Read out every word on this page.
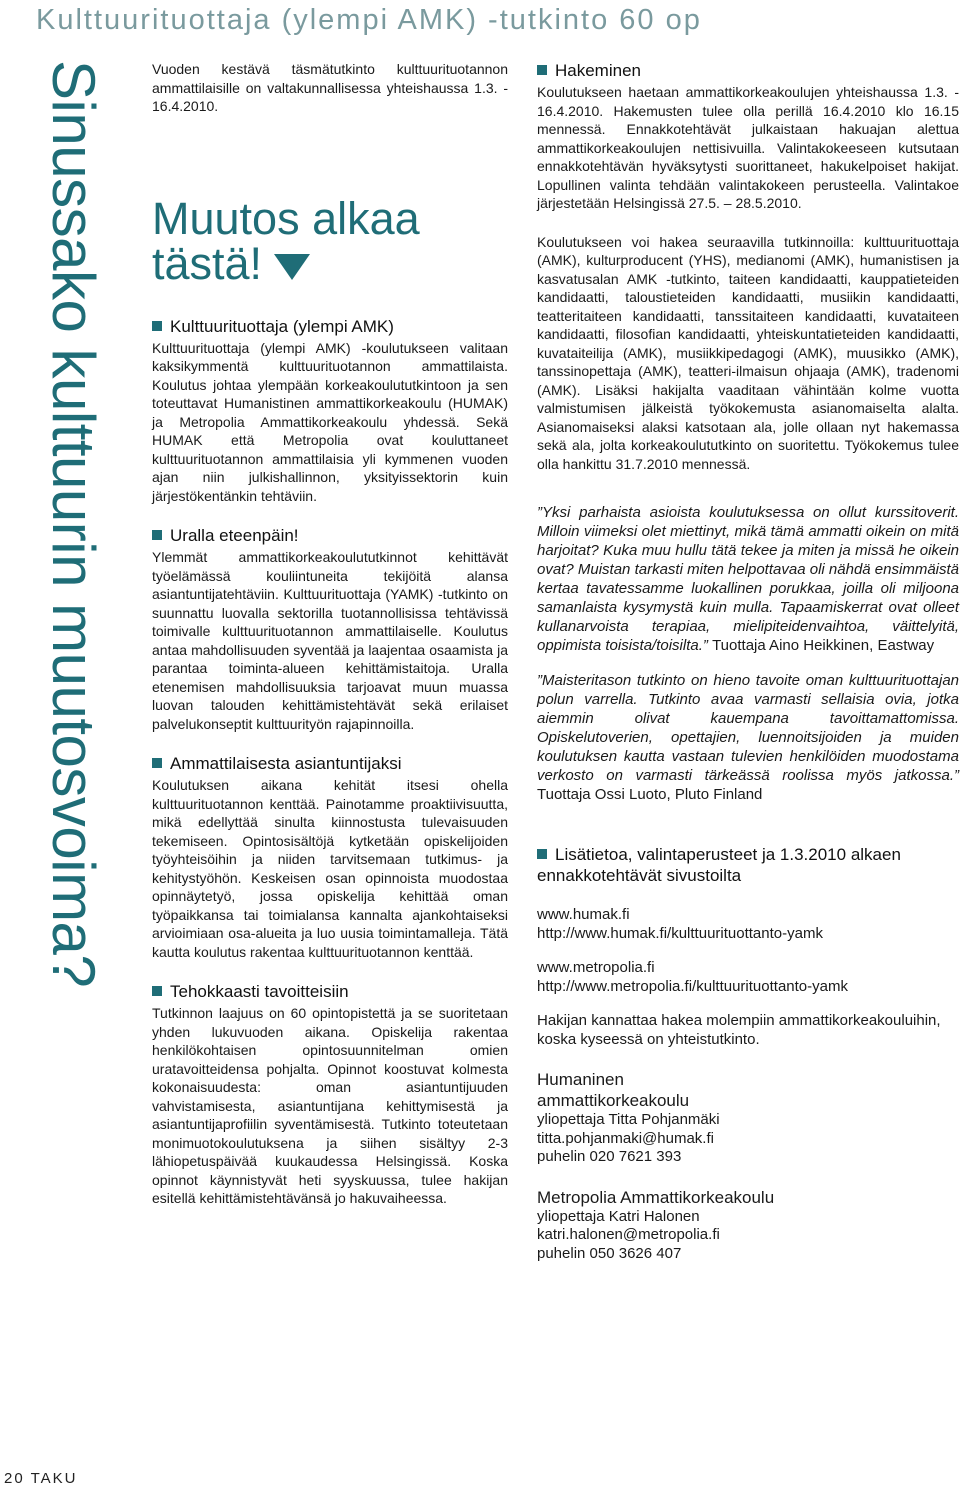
Kulttuurituottaja (ylempi AMK) -tutkinto 60 op
Sinussako kulttuurin muutosvoima?	Vuoden kestävä täsmätutkinto kulttuurituotannon ammattilaisille on valtakunnallisessa yhteishaussa 1.3. - 16.4.2010.

Muutos alkaa
tästä!
Kulttuurituottaja (ylempi AMK)

Kulttuurituottaja (ylempi AMK) -koulutukseen valitaan kaksikymmentä kulttuurituotannon ammattilaista. Koulutus johtaa ylempään korkeakoulututkintoon ja sen toteuttavat Humanistinen ammattikorkeakoulu (HUMAK) ja Metropolia Ammattikorkeakoulu yhdessä. Sekä HUMAK että Metropolia ovat kouluttaneet kulttuurituotannon ammattilaisia yli kymmenen vuoden ajan niin julkishallinnon, yksityissektorin kuin järjestökentänkin tehtäviin.

Uralla eteenpäin!

Ylemmät ammattikorkeakoulututkinnot kehittävät työelämässä kouliintuneita tekijöitä alansa asiantuntijatehtäviin. Kulttuurituottaja (YAMK) -tutkinto on suunnattu luovalla sektorilla tuotannollisissa tehtävissä toimivalle kulttuurituotannon ammattilaiselle. Koulutus antaa mahdollisuuden syventää ja laajentaa osaamista ja parantaa toiminta-alueen kehittämistaitoja. Uralla etenemisen mahdollisuuksia tarjoavat muun muassa luovan talouden kehittämistehtävät sekä erilaiset palvelukonseptit kulttuurityön rajapinnoilla.

Ammattilaisesta asiantuntijaksi

Koulutuksen aikana kehität itsesi ohella kulttuurituotannon kenttää. Painotamme proaktiivisuutta, mikä edellyttää sinulta kiinnostusta tulevaisuuden tekemiseen. Opintosisältöjä kytketään opiskelijoiden työyhteisöihin ja niiden tarvitsemaan tutkimus- ja kehitystyöhön. Keskeisen osan opinnoista muodostaa opinnäytetyö, jossa opiskelija kehittää oman työpaikkansa tai toimialansa kannalta ajankohtaiseksi arvioimiaan osa-alueita ja luo uusia toimintamalleja. Tätä kautta koulutus rakentaa kulttuurituotannon kenttää.

Tehokkaasti tavoitteisiin

Tutkinnon laajuus on 60 opintopistettä ja se suoritetaan yhden lukuvuoden aikana. Opiskelija rakentaa henkilökohtaisen opintosuunnitelman omien uratavoitteidensa pohjalta. Opinnot koostuvat kolmesta kokonaisuudesta: oman asiantuntijuuden vahvistamisesta, asiantuntijana kehittymisestä ja asiantuntijaprofiilin syventämisestä. Tutkinto toteutetaan monimuotokoulutuksena ja siihen sisältyy 2-3 lähiopetuspäivää kuukaudessa Helsingissä. Koska opinnot käynnistyvät heti syyskuussa, tulee hakijan esitellä kehittämistehtävänsä jo hakuvaiheessa.

Hakeminen

Koulutukseen haetaan ammattikorkeakoulujen yhteishaussa 1.3. - 16.4.2010. Hakemusten tulee olla perillä 16.4.2010 klo 16.15 mennessä. Ennakkotehtävät julkaistaan hakuajan alettua ammattikorkeakoulujen nettisivuilla. Valintakokeeseen kutsutaan ennakkotehtävän hyväksytysti suorittaneet, hakukelpoiset hakijat. Lopullinen valinta tehdään valintakokeen perusteella. Valintakoe järjestetään Helsingissä 27.5. – 28.5.2010.

Koulutukseen voi hakea seuraavilla tutkinnoilla: kulttuurituottaja (AMK), kulturproducent (YHS), medianomi (AMK), humanistisen ja kasvatusalan AMK -tutkinto, taiteen kandidaatti, kauppatieteiden kandidaatti, taloustieteiden kandidaatti, musiikin kandidaatti, teatteritaiteen kandidaatti, tanssitaiteen kandidaatti, kuvataiteen kandidaatti, filosofian kandidaatti, yhteiskuntatieteiden kandidaatti, kuvataiteilija (AMK), musiikkipedagogi (AMK), muusikko (AMK), tanssinopettaja (AMK), teatteri-ilmaisun ohjaaja (AMK), tradenomi (AMK). Lisäksi hakijalta vaaditaan vähintään kolme vuotta valmistumisen jälkeistä työkokemusta asianomaiselta alalta. Asianomaiseksi alaksi katsotaan ala, jolle ollaan nyt hakemassa sekä ala, jolta korkeakoulututkinto on suoritettu. Työkokemus tulee olla hankittu 31.7.2010 mennessä.

”Yksi parhaista asioista koulutuksessa on ollut kurssitoverit. Milloin viimeksi olet miettinyt, mikä tämä ammatti oikein on mitä harjoitat? Kuka muu hullu tätä tekee ja miten ja missä he oikein ovat? Muistan tarkasti miten helpottavaa oli nähdä ensimmäistä kertaa tavatessamme luokallinen porukkaa, joilla oli miljoona samanlaista kysymystä kuin mulla. Tapaamiskerrat ovat olleet kullanarvoista terapiaa, mielipiteidenvaihtoa, väittelyitä, oppimista toisista/toisilta.” Tuottaja Aino Heikkinen, Eastway

”Maisteritason tutkinto on hieno tavoite oman kulttuurituottajan polun varrella. Tutkinto avaa varmasti sellaisia ovia, jotka aiemmin olivat kauempana tavoittamattomissa. Opiskelutoverien, opettajien, luennoitsijoiden ja muiden koulutuksen kautta vastaan tulevien henkilöiden muodostama verkosto on varmasti tärkeässä roolissa myös jatkossa.” Tuottaja Ossi Luoto, Pluto Finland

Lisätietoa, valintaperusteet ja 1.3.2010 alkaen ennakkotehtävät sivustoilta

www.humak.fi

http://www.humak.fi/kulttuurituottanto-yamk

www.metropolia.fi

http://www.metropolia.fi/kulttuurituottanto-yamk

Hakijan kannattaa hakea molempiin ammattikorkeakouluihin, koska kyseessä on yhteistutkinto.

Humaninen
ammattikorkeakoulu

yliopettaja Titta Pohjanmäki

titta.pohjanmaki@humak.fi

puhelin 020 7621 393

Metropolia Ammattikorkeakoulu

yliopettaja Katri Halonen

katri.halonen@metropolia.fi

puhelin 050 3626 407

20 TAKU
